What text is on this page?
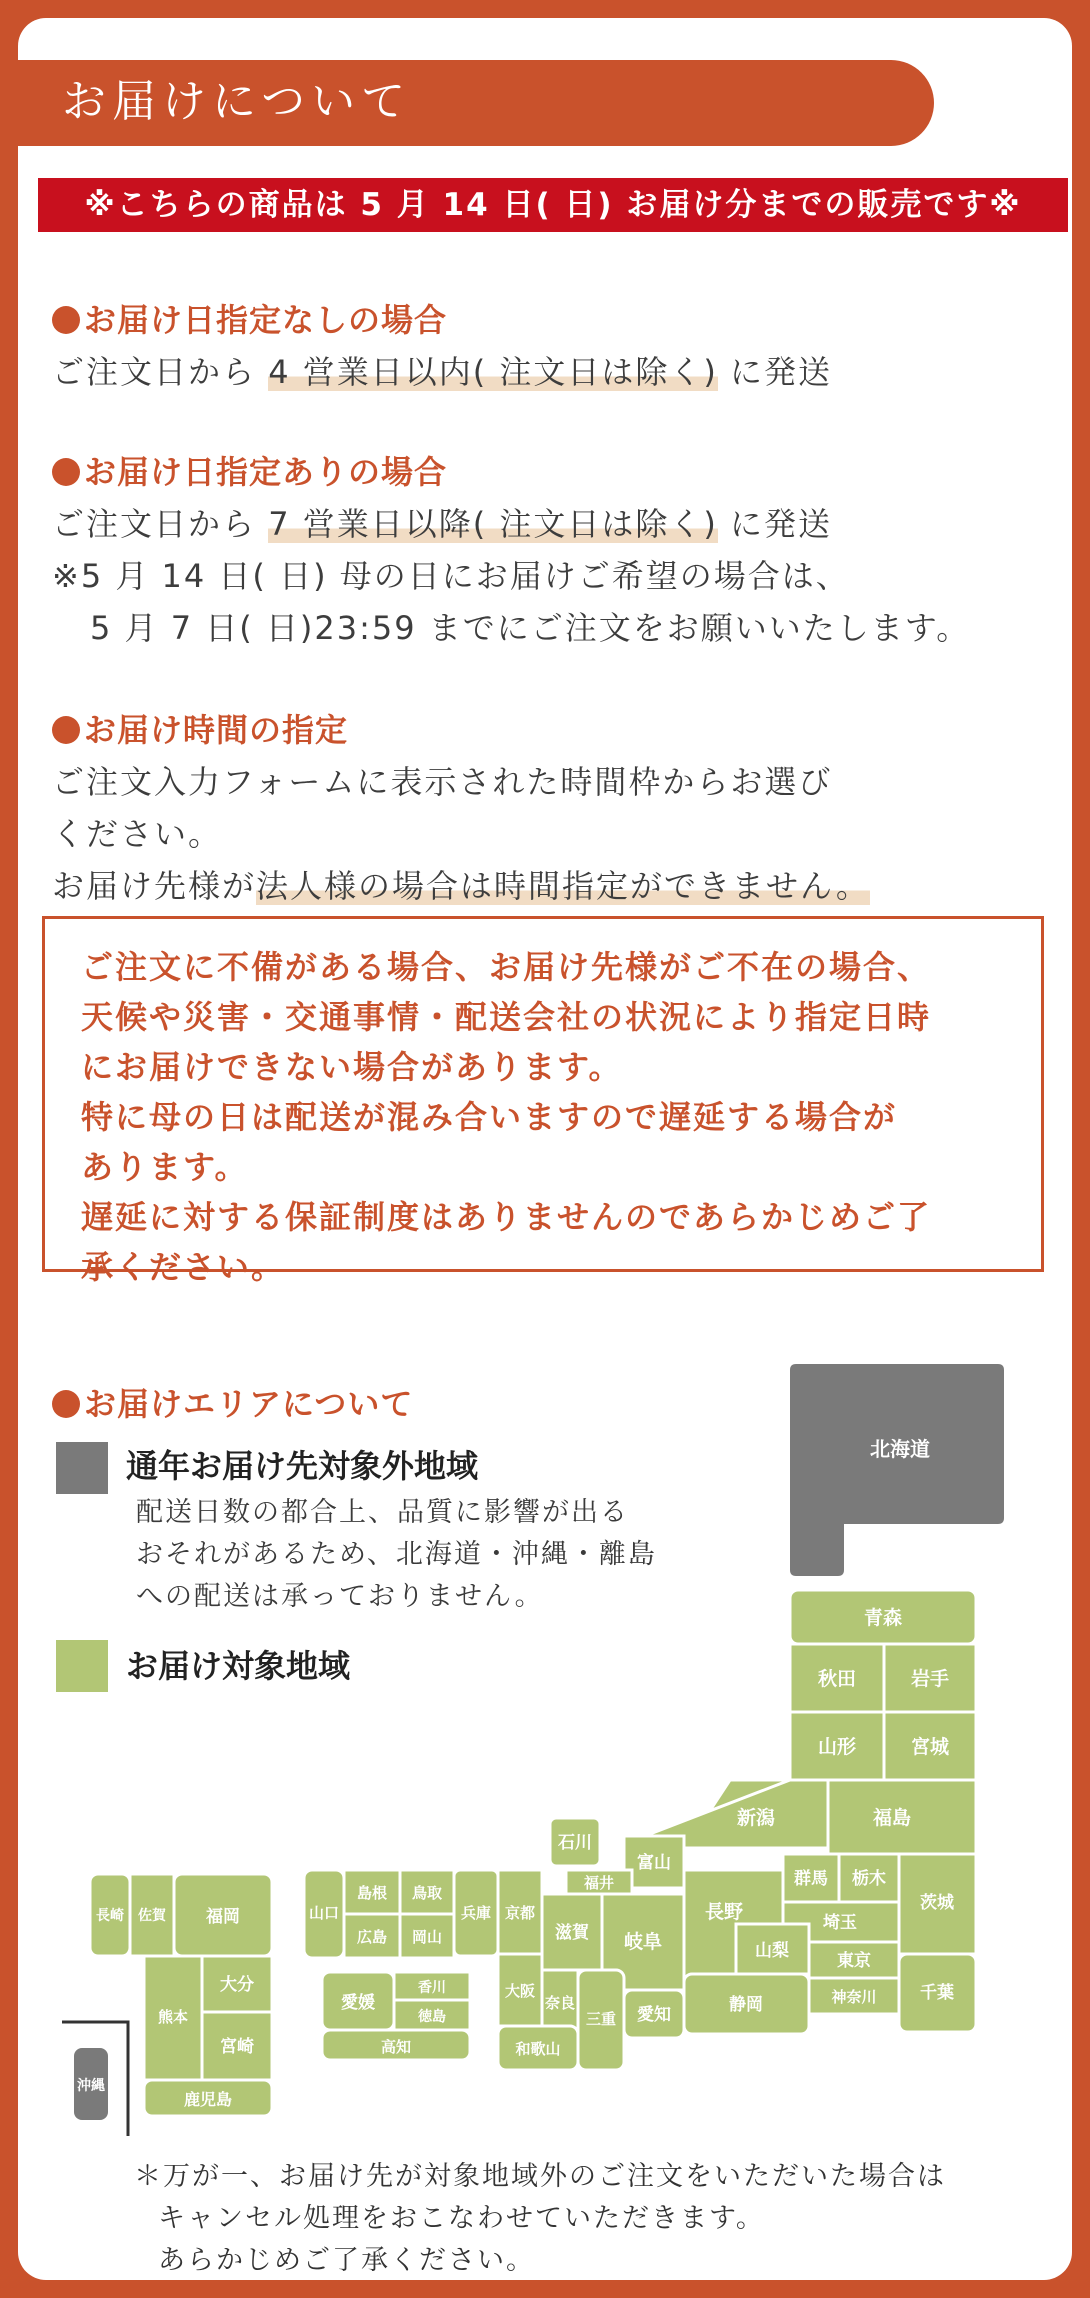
お届けについて
※こちらの商品は 5 月 14 日( 日) お届け分までの販売です※
お届け日指定なしの場合
ご注文日から 4 営業日以内( 注文日は除く) に発送
お届け日指定ありの場合
ご注文日から 7 営業日以降( 注文日は除く) に発送
※5 月 14 日( 日) 母の日にお届けご希望の場合は、
5 月 7 日( 日)23:59 までにご注文をお願いいたします。
お届け時間の指定
ご注文入力フォームに表示された時間枠からお選び
ください。
お届け先様が法人様の場合は時間指定ができません。
ご注文に不備がある場合、お届け先様がご不在の場合、
天候や災害・交通事情・配送会社の状況により指定日時
にお届けできない場合があります。
特に母の日は配送が混み合いますので遅延する場合が
あります。
遅延に対する保証制度はありませんのであらかじめご了
承ください。
お届けエリアについて
通年お届け先対象外地域
配送日数の都合上、品質に影響が出る
おそれがあるため、北海道・沖縄・離島
への配送は承っておりません。
お届け対象地域
北海道
青森
秋田	岩手
山形	宮城
新潟	福島
石川
富山
群馬 栃木
茨城
長野	埼玉
東京
千葉
山梨
神奈川
静岡
福井
岐阜
愛知
京都
滋賀
大阪
奈良
三重
和歌山
兵庫
島根 鳥取
山口
広島 岡山
愛媛
香川
徳島
高知
長崎 佐賀 福岡
熊本
大分
宮崎
鹿児島
沖縄
＊万が一、お届け先が対象地域外のご注文をいただいた場合は
キャンセル処理をおこなわせていただきます。
あらかじめご了承ください。
